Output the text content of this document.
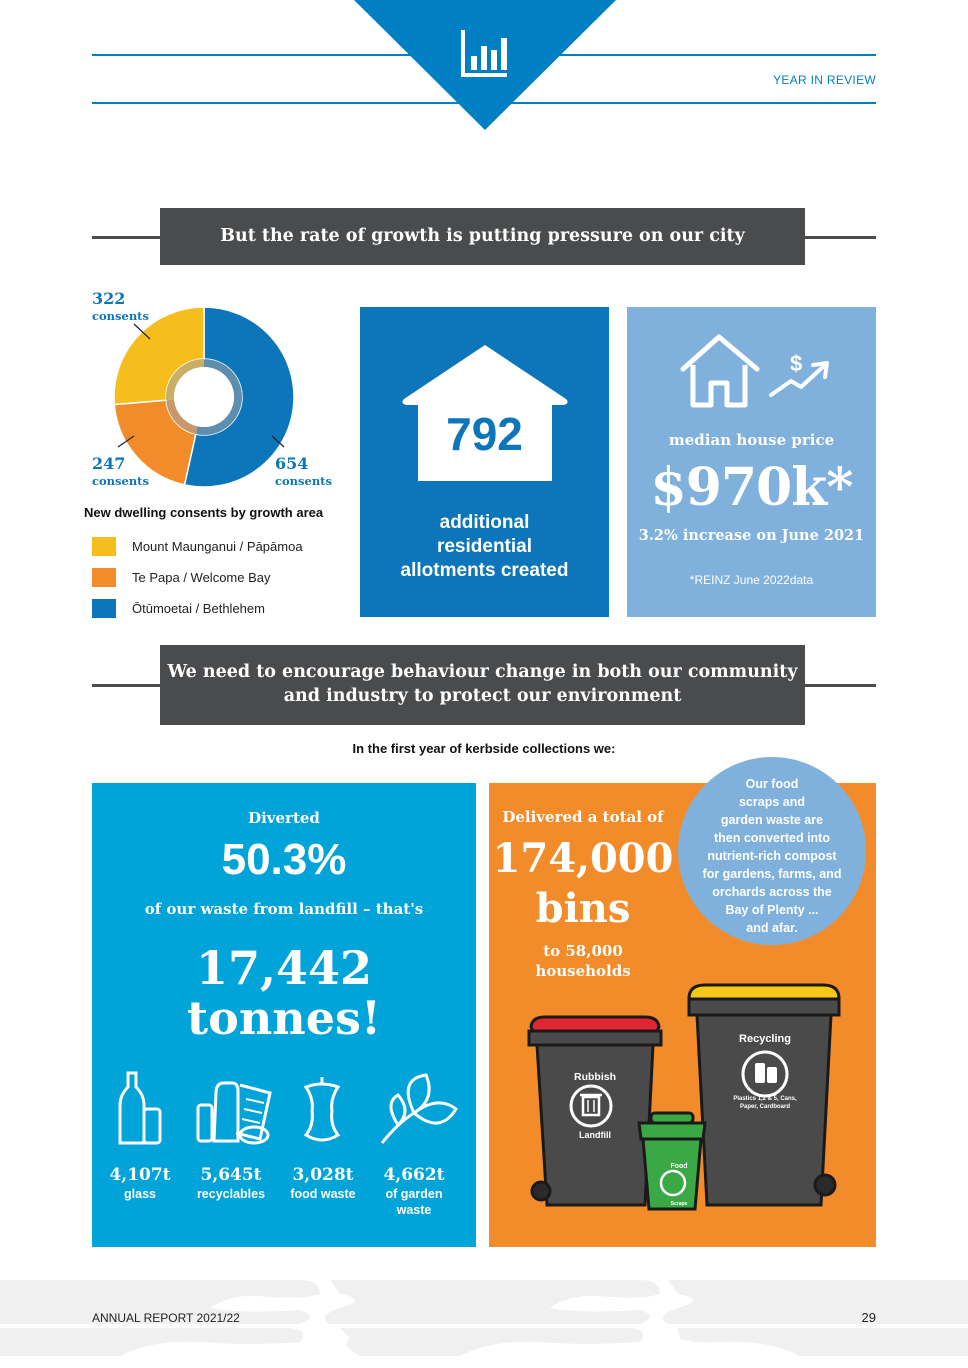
YEAR IN REVIEW
But the rate of growth is putting pressure on our city
322
consents
247
consents
654
consents
New dwelling consents by growth area
Mount Maunganui / Pāpāmoa
Te Papa / Welcome Bay
Ōtūmoetai / Bethlehem
792
additional
residential
allotments created
$
median house price
$970k*
3.2% increase on June 2021
*REINZ June 2022data
We need to encourage behaviour change in both our community
and industry to protect our environment
In the first year of kerbside collections we:
Diverted
50.3%
of our waste from landfill – that's
17,442
tonnes!
4,107t
glass
5,645t
recyclables
3,028t
food waste
4,662t
of garden
waste
Delivered a total of
174,000
bins
to 58,000
households
Rubbish
Landfill
Recycling
Plastics 1,2 & 5, Cans,
Paper, Cardboard
Food
Scraps
Our food
scraps and
garden waste are
then converted into
nutrient-rich compost
for gardens, farms, and
orchards across the
Bay of Plenty ...
and afar.
ANNUAL REPORT 2021/22	29
